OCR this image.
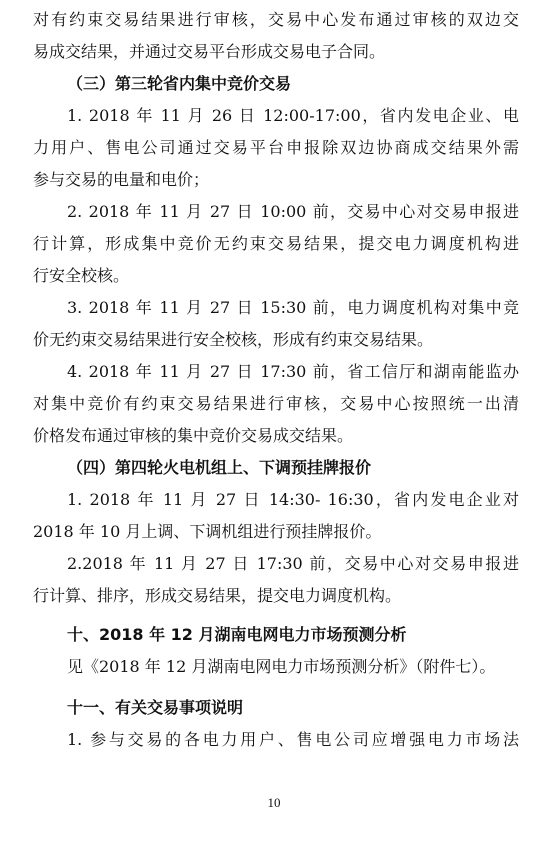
对有约束交易结果进行审核，交易中心发布通过审核的双边交
易成交结果，并通过交易平台形成交易电子合同。
（三）第三轮省内集中竞价交易
1. 2018 年 11 月 26 日 12:00-17:00，省内发电企业、电
力用户、售电公司通过交易平台申报除双边协商成交结果外需
参与交易的电量和电价；
2. 2018 年 11 月 27 日 10:00 前，交易中心对交易申报进
行计算，形成集中竞价无约束交易结果，提交电力调度机构进
行安全校核。
3. 2018 年 11 月 27 日 15:30 前，电力调度机构对集中竞
价无约束交易结果进行安全校核，形成有约束交易结果。
4. 2018 年 11 月 27 日 17:30 前，省工信厅和湖南能监办
对集中竞价有约束交易结果进行审核，交易中心按照统一出清
价格发布通过审核的集中竞价交易成交结果。
（四）第四轮火电机组上、下调预挂牌报价
1. 2018 年 11 月 27 日 14:30- 16:30，省内发电企业对
2018 年 10 月上调、下调机组进行预挂牌报价。
2.2018 年 11 月 27 日 17:30 前，交易中心对交易申报进
行计算、排序，形成交易结果，提交电力调度机构。
十、2018 年 12 月湖南电网电力市场预测分析
见《2018 年 12 月湖南电网电力市场预测分析》（附件七）。
十一、有关交易事项说明
1. 参与交易的各电力用户、售电公司应增强电力市场法
10
